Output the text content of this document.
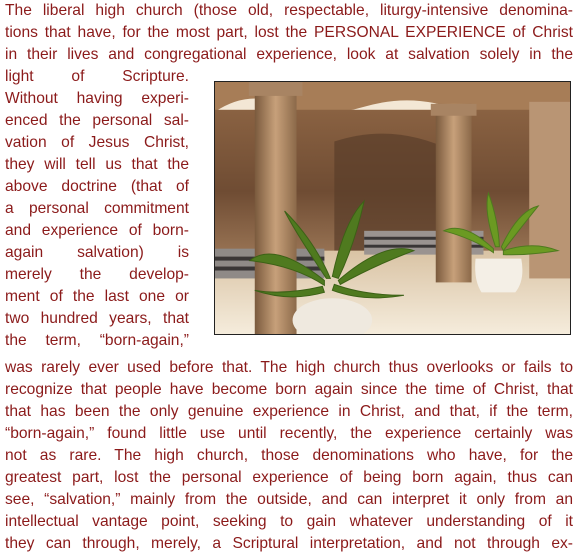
The liberal high church (those old, respectable, liturgy-intensive denomina-
tions that have, for the most part, lost the PERSONAL EXPERIENCE of Christ
in their lives and congregational experience, look at salvation solely in the
light of Scripture.
Without having experi-
enced the personal sal-
vation of Jesus Christ,
they will tell us that the
above doctrine (that of
a personal commitment
and experience of born-
again salvation) is
merely the develop-
ment of the last one or
two hundred years, that
the term, “born-again,”
was rarely ever used before that. The high church thus overlooks or fails to
recognize that people have become born again since the time of Christ, that
that has been the only genuine experience in Christ, and that, if the term,
“born-again,” found little use until recently, the experience certainly was
not as rare. The high church, those denominations who have, for the
greatest part, lost the personal experience of being born again, thus can
see, “salvation,” mainly from the outside, and can interpret it only from an
intellectual vantage point, seeking to gain whatever understanding of it
they can through, merely, a Scriptural interpretation, and not through ex-
